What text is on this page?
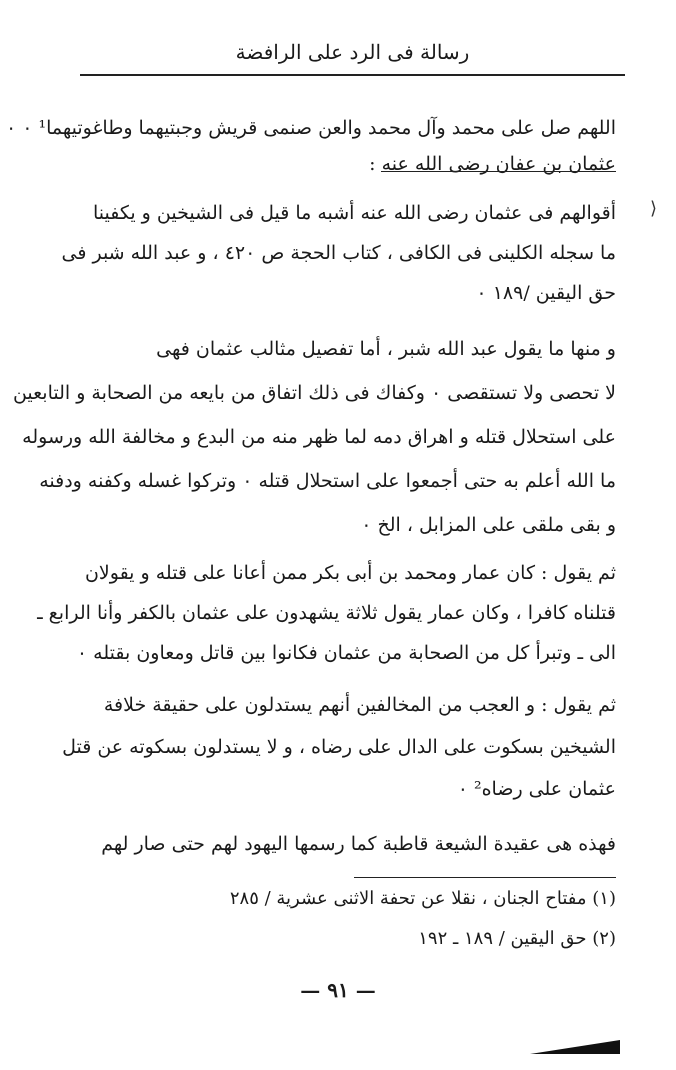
رسالة فى الرد على الرافضة
اللهم صل على محمد وآل محمد والعن صنمى قريش وجبتيهما وطاغوتيهما¹ ٠ ٠
عثمان بن عفان رضى الله عنه :
أقوالهم فى عثمان رضى الله عنه أشبه ما قيل فى الشيخين و يكفينا
ما سجله الكلينى فى الكافى ، كتاب الحجة ص ٤٢٠ ، و عبد الله شبر فى
حق اليقين /١٨٩ ٠
و منها ما يقول عبد الله شبر ، أما تفصيل مثالب عثمان فهى
لا تحصى ولا تستقصى ٠ وكفاك فى ذلك اتفاق من بايعه من الصحابة و التابعين
على استحلال قتله و اهراق دمه لما ظهر منه من البدع و مخالفة الله ورسوله
ما الله أعلم به حتى أجمعوا على استحلال قتله ٠ وتركوا غسله وكفنه ودفنه
و بقى ملقى على المزابل ، الخ ٠
ثم يقول : كان عمار ومحمد بن أبى بكر ممن أعانا على قتله و يقولان
قتلناه كافرا ، وكان عمار يقول ثلاثة يشهدون على عثمان بالكفر وأنا الرابع ـ
الى ـ وتبرأ كل من الصحابة من عثمان فكانوا بين قاتل ومعاون بقتله ٠
ثم يقول : و العجب من المخالفين أنهم يستدلون على حقيقة خلافة
الشيخين بسكوت على الدال على رضاه ، و لا يستدلون بسكوته عن قتل
عثمان على رضاه² ٠
فهذه هى عقيدة الشيعة قاطبة كما رسمها اليهود لهم حتى صار لهم
(١) مفتاح الجنان ، نقلا عن تحفة الاثنى عشرية / ٢٨٥
(٢) حق اليقين / ١٨٩ ـ ١٩٢
— ٩١ —
⟩
